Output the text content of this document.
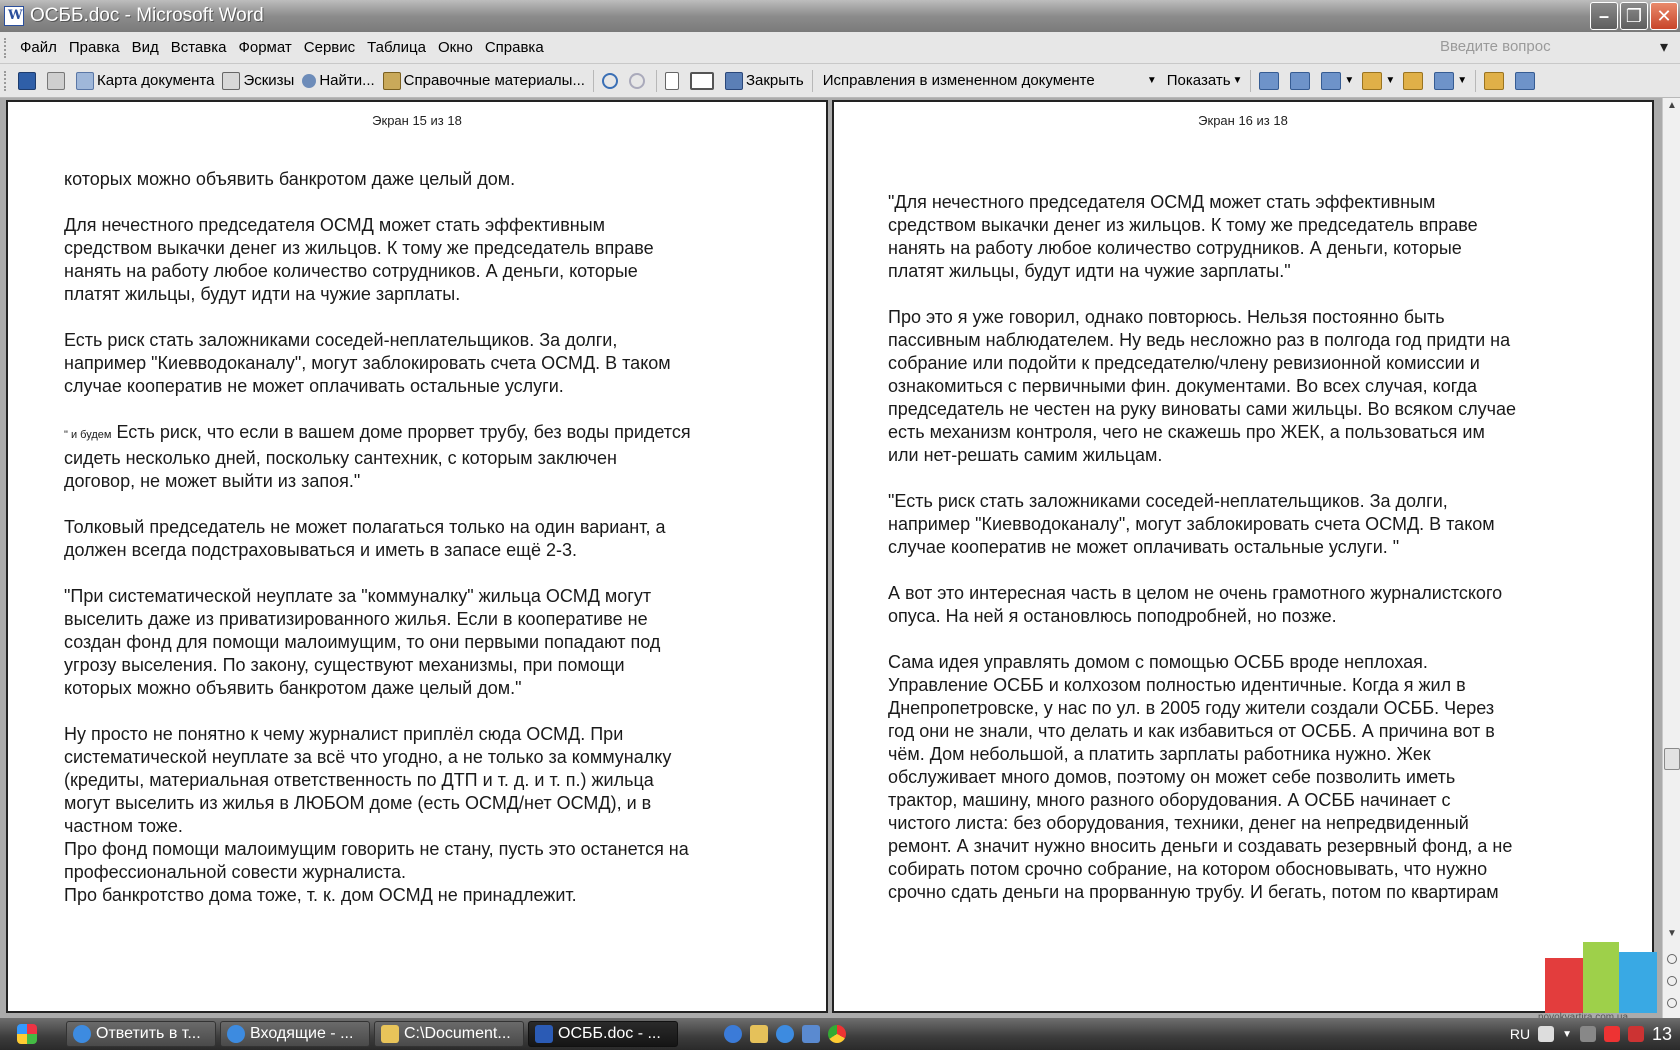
W
ОСББ.doc - Microsoft Word	– ❐ ✕
Файл Правка Вид Вставка Формат Сервис Таблица Окно Справка	Введите вопрос	▾
Карта документа Эскизы Найти... Справочные материалы...	Закрыть Исправления в измененном документе	▼ Показать ▼	▼	▼	▼
Экран 15 из 18

которых можно объявить банкротом даже целый дом.

Для нечестного председателя ОСМД может стать эффективным
средством выкачки денег из жильцов. К тому же председатель вправе
нанять на работу любое количество сотрудников. А деньги, которые
платят жильцы, будут идти на чужие зарплаты.

Есть риск стать заложниками соседей-неплательщиков. За долги,
например "Киевводоканалу", могут заблокировать счета ОСМД. В таком
случае кооператив не может оплачивать остальные услуги.

" и будем Есть риск, что если в вашем доме прорвет трубу, без воды придется
сидеть несколько дней, поскольку сантехник, с которым заключен
договор, не может выйти из запоя."

Толковый председатель не может полагаться только на один вариант, а
должен всегда подстраховываться и иметь в запасе ещё 2-3.

"При систематической неуплате за "коммуналку" жильца ОСМД могут
выселить даже из приватизированного жилья. Если в кооперативе не
создан фонд для помощи малоимущим, то они первыми попадают под
угрозу выселения. По закону, существуют механизмы, при помощи
которых можно объявить банкротом даже целый дом."

Ну просто не понятно к чему журналист приплёл сюда ОСМД. При
систематической неуплате за всё что угодно, а не только за коммуналку
(кредиты, материальная ответственность по ДТП и т. д. и т. п.) жильца
могут выселить из жилья в ЛЮБОМ доме (есть ОСМД/нет ОСМД), и в
частном тоже.

Про фонд помощи малоимущим говорить не стану, пусть это останется на
профессиональной совести журналиста.

Про банкротство дома тоже, т. к. дом ОСМД не принадлежит.

Экран 16 из 18

"Для нечестного председателя ОСМД может стать эффективным
средством выкачки денег из жильцов. К тому же председатель вправе
нанять на работу любое количество сотрудников. А деньги, которые
платят жильцы, будут идти на чужие зарплаты."

Про это я уже говорил, однако повторюсь. Нельзя постоянно быть
пассивным наблюдателем. Ну ведь несложно раз в полгода год придти на
собрание или подойти к председателю/члену ревизионной комиссии и
ознакомиться с первичными фин. документами. Во всех случая, когда
председатель не честен на руку виноваты сами жильцы. Во всяком случае
есть механизм контроля, чего не скажешь про ЖЕК, а пользоваться им
или нет-решать самим жильцам.

"Есть риск стать заложниками соседей-неплательщиков. За долги,
например "Киевводоканалу", могут заблокировать счета ОСМД. В таком
случае кооператив не может оплачивать остальные услуги. "

А вот это интересная часть в целом не очень грамотного журналистского
опуса. На ней я остановлюсь поподробней, но позже.

Сама идея управлять домом с помощью ОСББ вроде неплохая.
Управление ОСББ и колхозом полностью идентичные. Когда я жил в
Днепропетровске, у нас по ул. в 2005 году жители создали ОСББ. Через
год они не знали, что делать и как избавиться от ОСББ. А причина вот в
чём. Дом небольшой, а платить зарплаты работника нужно. Жек
обслуживает много домов, поэтому он может себе позволить иметь
трактор, машину, много разного оборудования. А ОСББ начинает с
чистого листа: без оборудования, техники, денег на непредвиденный
ремонт. А значит нужно вносить деньги и создавать резервный фонд, а не
собирать потом срочно собрание, на котором обосновывать, что нужно
срочно сдать деньги на прорванную трубу. И бегать, потом по квартирам

▲
▼
Ответить в т...	Входящие - ...	C:\Document...	ОСББ.doc - ...	RU	▼	13
